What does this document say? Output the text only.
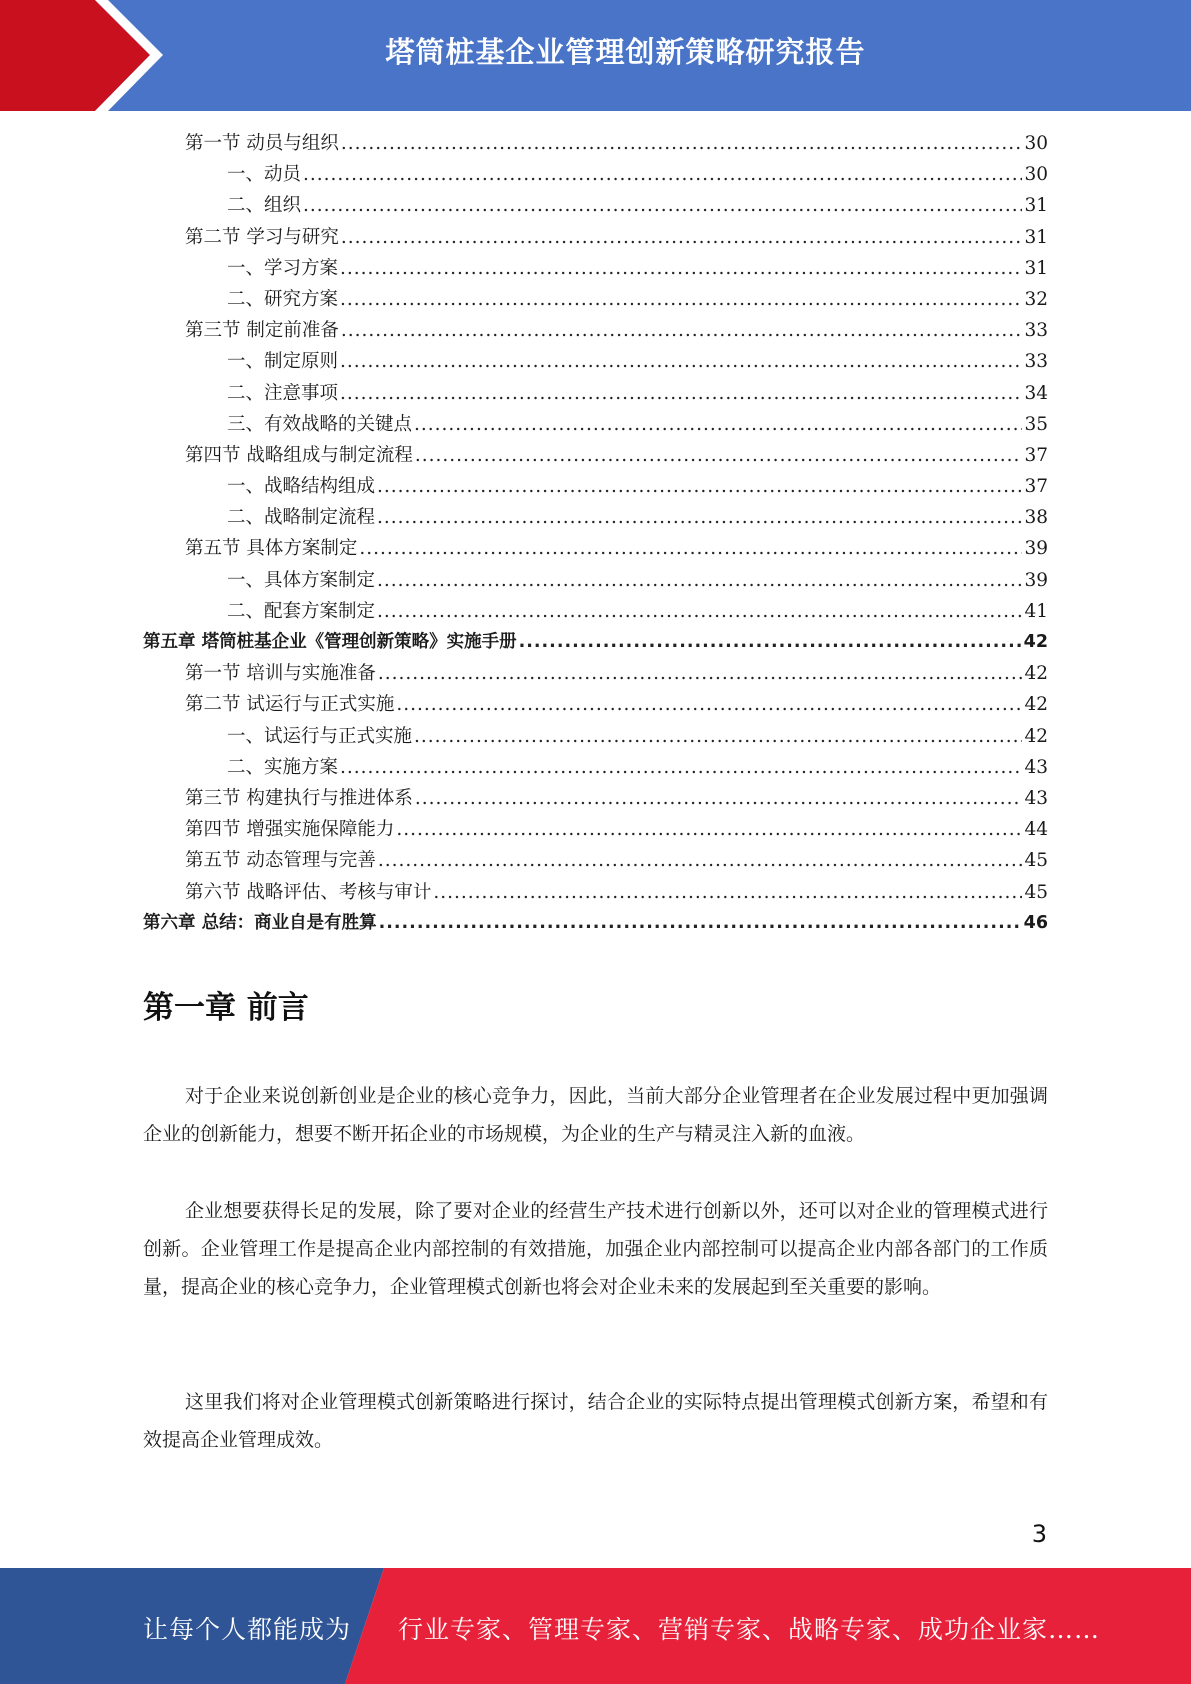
塔筒桩基企业管理创新策略研究报告
第一节 动员与组织 .....	30
一、动员 .....	30
二、组织 .....	31
第二节 学习与研究 .....	31
一、学习方案 .....	31
二、研究方案 .....	32
第三节 制定前准备 .....	33
一、制定原则 .....	33
二、注意事项 .....	34
三、有效战略的关键点 .....	35
第四节 战略组成与制定流程 .....	37
一、战略结构组成 .....	37
二、战略制定流程 .....	38
第五节 具体方案制定 .....	39
一、具体方案制定 .....	39
二、配套方案制定 .....	41
第五章 塔筒桩基企业《管理创新策略》实施手册 .....	42
第一节 培训与实施准备 .....	42
第二节 试运行与正式实施 .....	42
一、试运行与正式实施 .....	42
二、实施方案 .....	43
第三节 构建执行与推进体系 .....	43
第四节 增强实施保障能力 .....	44
第五节 动态管理与完善 .....	45
第六节 战略评估、考核与审计 .....	45
第六章 总结：商业自是有胜算 .....	46
第一章 前言

对于企业来说创新创业是企业的核心竞争力，因此，当前大部分企业管理者在企业发展过程中更加强调企业的创新能力，想要不断开拓企业的市场规模，为企业的生产与精灵注入新的血液。

企业想要获得长足的发展，除了要对企业的经营生产技术进行创新以外，还可以对企业的管理模式进行创新。企业管理工作是提高企业内部控制的有效措施，加强企业内部控制可以提高企业内部各部门的工作质量，提高企业的核心竞争力，企业管理模式创新也将会对企业未来的发展起到至关重要的影响。

这里我们将对企业管理模式创新策略进行探讨，结合企业的实际特点提出管理模式创新方案，希望和有效提高企业管理成效。

3
让每个人都能成为 行业专家、管理专家、营销专家、战略专家、成功企业家……
